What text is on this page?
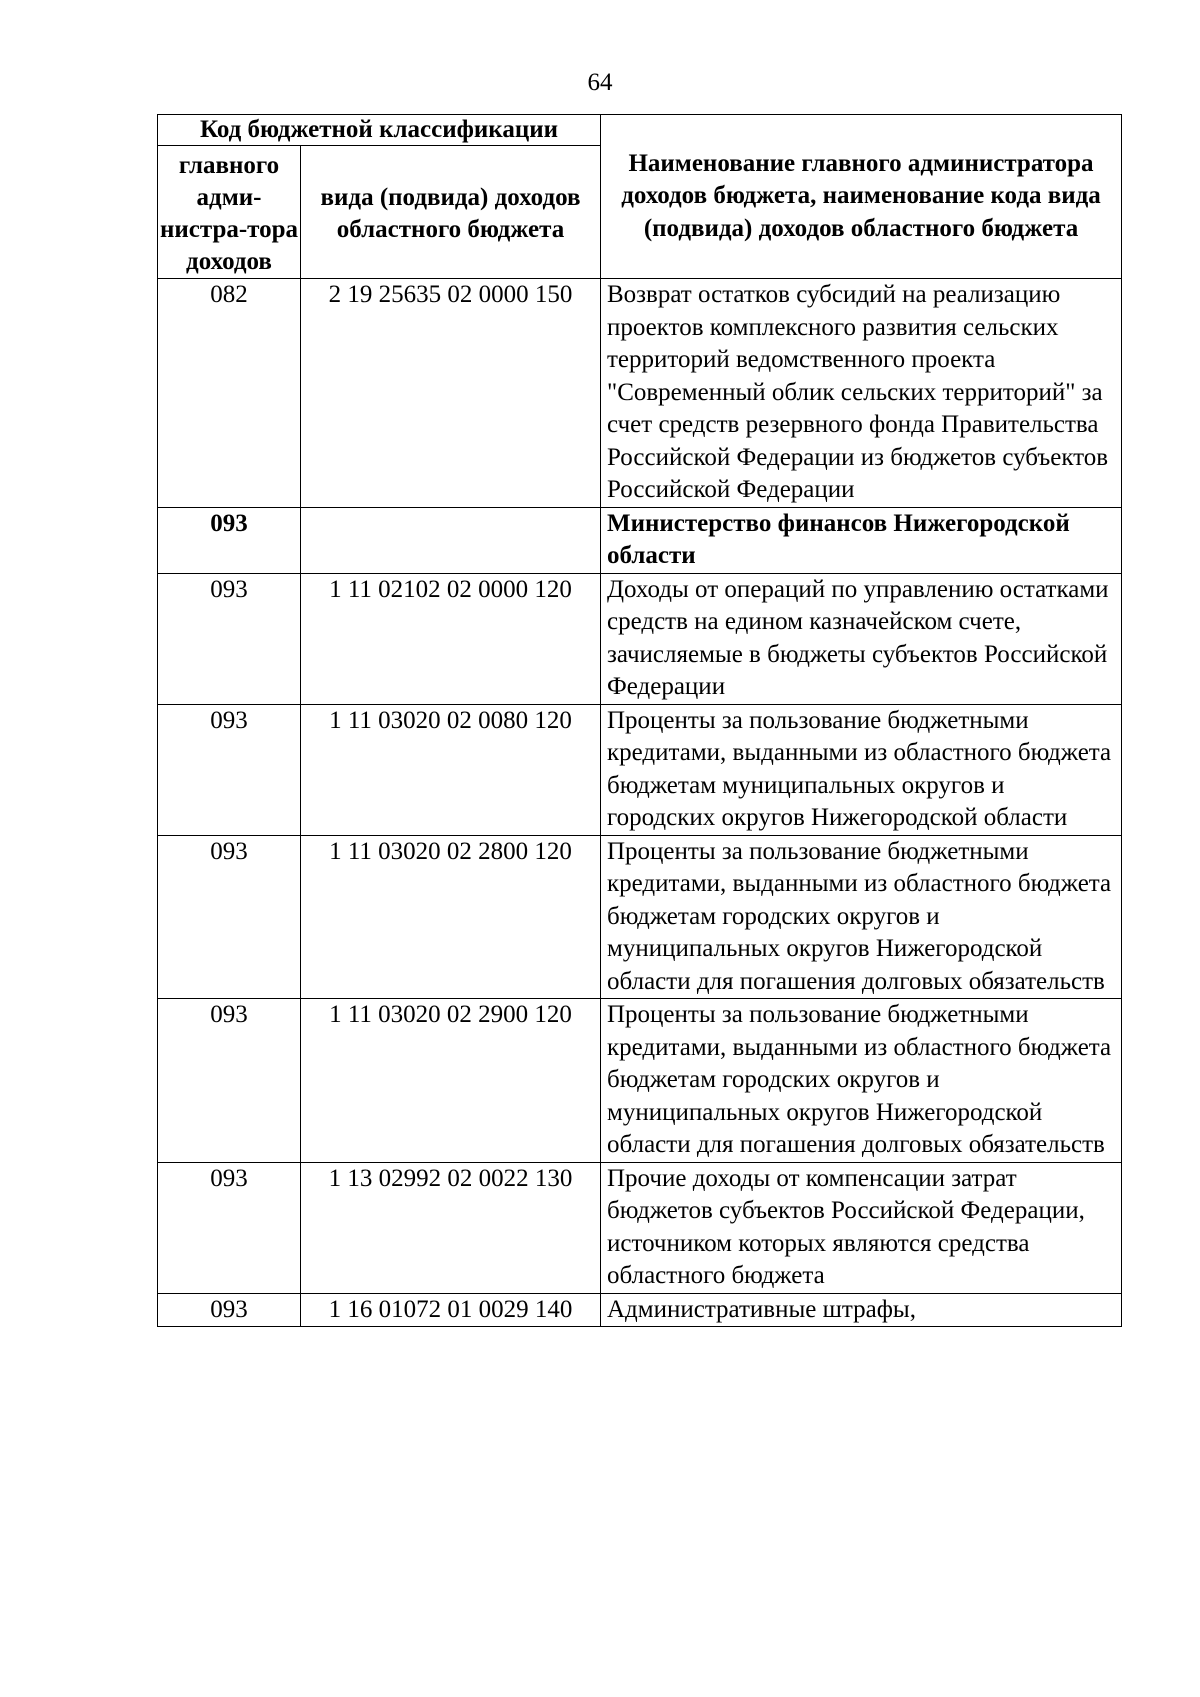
64
Код бюджетной классификации		Наименование главного администратора доходов бюджета, наименование кода вида (подвида) доходов областного бюджета
главного адми-нистра-тора доходов	вида (подвида) доходов областного бюджета	
082	2 19 25635 02 0000 150	Возврат остатков субсидий на реализацию проектов комплексного развития сельских территорий ведомственного проекта "Современный облик сельских территорий" за счет средств резервного фонда Правительства Российской Федерации из бюджетов субъектов Российской Федерации
093		Министерство финансов Нижегородской области
093	1 11 02102 02 0000 120	Доходы от операций по управлению остатками средств на едином казначейском счете, зачисляемые в бюджеты субъектов Российской Федерации
093	1 11 03020 02 0080 120	Проценты за пользование бюджетными кредитами, выданными из областного бюджета бюджетам муниципальных округов и городских округов Нижегородской области
093	1 11 03020 02 2800 120	Проценты за пользование бюджетными кредитами, выданными из областного бюджета бюджетам городских округов и муниципальных округов Нижегородской области для погашения долговых обязательств
093	1 11 03020 02 2900 120	Проценты за пользование бюджетными кредитами, выданными из областного бюджета бюджетам городских округов и муниципальных округов Нижегородской области для погашения долговых обязательств
093	1 13 02992 02 0022 130	Прочие доходы от компенсации затрат бюджетов субъектов Российской Федерации, источником которых являются средства областного бюджета
093	1 16 01072 01 0029 140	Административные штрафы,
